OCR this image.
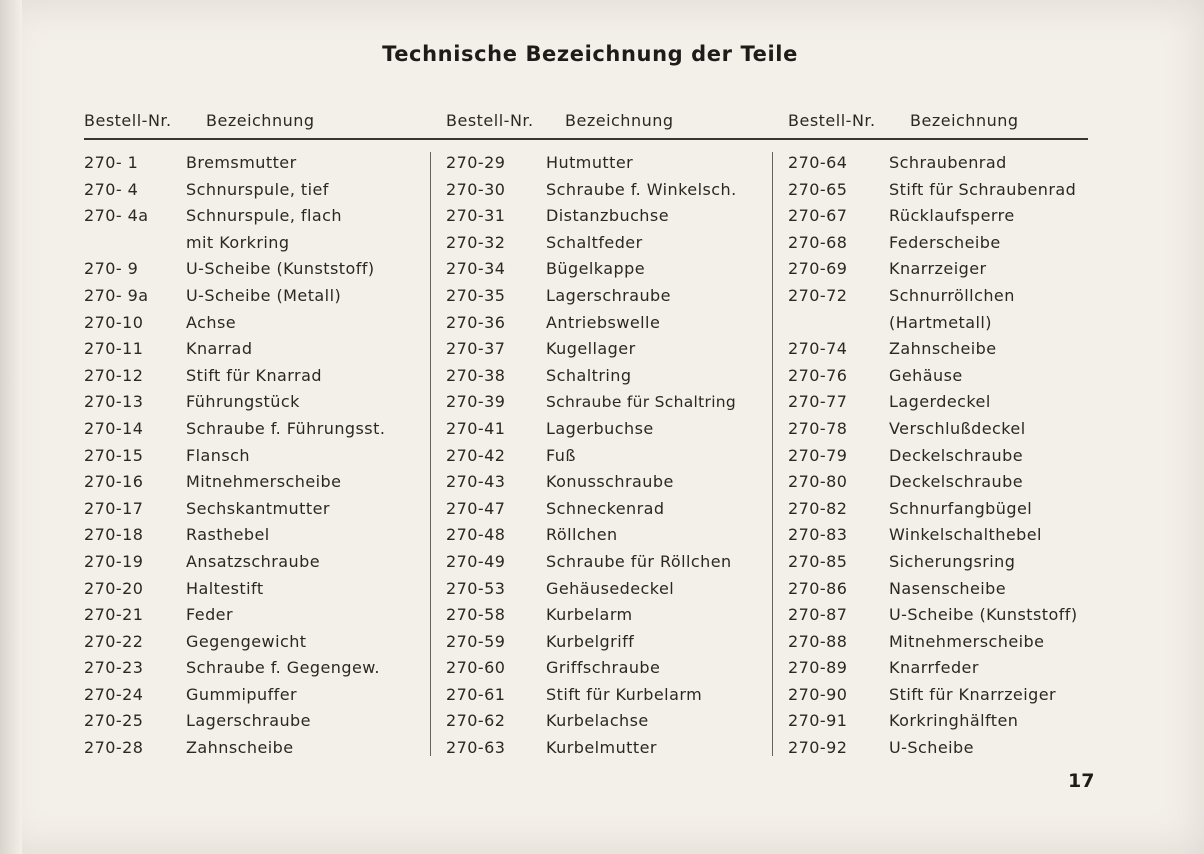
Technische Bezeichnung der Teile
Bestell-Nr. Bezeichnung	Bestell-Nr. Bezeichnung	Bestell-Nr. Bezeichnung
270- 1	Bremsmutter
270- 4	Schnurspule, tief
270- 4a Schnurspule, flach
mit Korkring
270- 9	U-Scheibe (Kunststoff)
270- 9a U-Scheibe (Metall)
270-10	Achse
270-11	Knarrad
270-12	Stift für Knarrad
270-13	Führungstück
270-14	Schraube f. Führungsst.
270-15	Flansch
270-16	Mitnehmerscheibe
270-17	Sechskantmutter
270-18	Rasthebel
270-19	Ansatzschraube
270-20	Haltestift
270-21	Feder
270-22	Gegengewicht
270-23	Schraube f. Gegengew.
270-24	Gummipuffer
270-25	Lagerschraube
270-28	Zahnscheibe
270-29	Hutmutter
270-30	Schraube f. Winkelsch.
270-31	Distanzbuchse
270-32	Schaltfeder
270-34	Bügelkappe
270-35	Lagerschraube
270-36	Antriebswelle
270-37	Kugellager
270-38	Schaltring
270-39	Schraube für Schaltring
270-41	Lagerbuchse
270-42	Fuß
270-43	Konusschraube
270-47	Schneckenrad
270-48	Röllchen
270-49	Schraube für Röllchen
270-53	Gehäusedeckel
270-58	Kurbelarm
270-59	Kurbelgriff
270-60	Griffschraube
270-61	Stift für Kurbelarm
270-62	Kurbelachse
270-63	Kurbelmutter
270-64	Schraubenrad
270-65	Stift für Schraubenrad
270-67	Rücklaufsperre
270-68	Federscheibe
270-69	Knarrzeiger
270-72	Schnurröllchen
(Hartmetall)
270-74	Zahnscheibe
270-76	Gehäuse
270-77	Lagerdeckel
270-78	Verschlußdeckel
270-79	Deckelschraube
270-80	Deckelschraube
270-82	Schnurfangbügel
270-83	Winkelschalthebel
270-85	Sicherungsring
270-86	Nasenscheibe
270-87	U-Scheibe (Kunststoff)
270-88	Mitnehmerscheibe
270-89	Knarrfeder
270-90	Stift für Knarrzeiger
270-91	Korkringhälften
270-92	U-Scheibe
17
